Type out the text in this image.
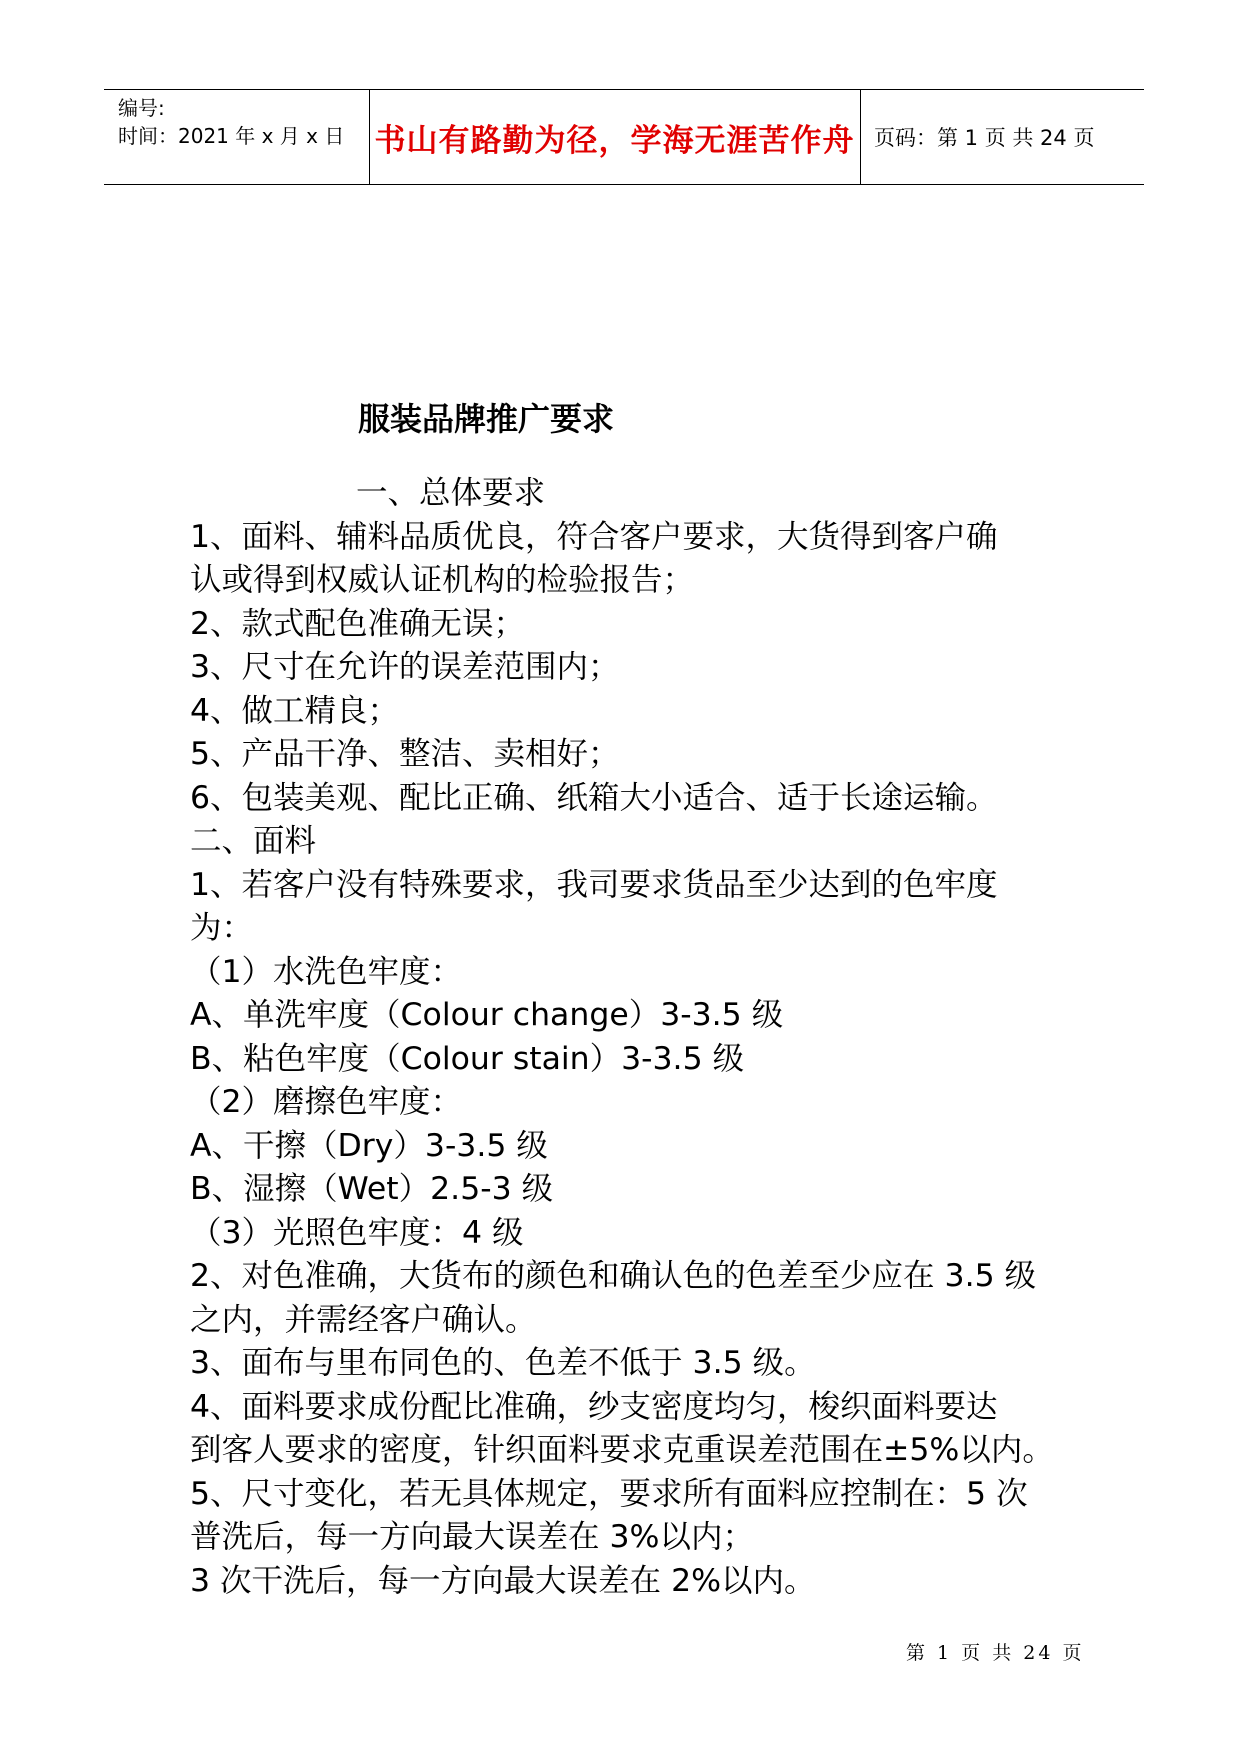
编号:
时间：2021 年 x 月 x 日 书山有路勤为径，学海无涯苦作舟 页码：第 1 页 共 24 页
服装品牌推广要求

一、总体要求

1、面料、辅料品质优良，符合客户要求，大货得到客户确

认或得到权威认证机构的检验报告；

2、款式配色准确无误；

3、尺寸在允许的误差范围内；

4、做工精良；

5、产品干净、整洁、卖相好；

6、包装美观、配比正确、纸箱大小适合、适于长途运输。

二、面料

1、若客户没有特殊要求，我司要求货品至少达到的色牢度

为：

（1）水洗色牢度：

A、单洗牢度（Colour change）3-3.5 级

B、粘色牢度（Colour stain）3-3.5 级

（2）磨擦色牢度：

A、干擦（Dry）3-3.5 级

B、湿擦（Wet）2.5-3 级

（3）光照色牢度：4 级

2、对色准确，大货布的颜色和确认色的色差至少应在 3.5 级

之内，并需经客户确认。

3、面布与里布同色的、色差不低于 3.5 级。

4、面料要求成份配比准确，纱支密度均匀，梭织面料要达

到客人要求的密度，针织面料要求克重误差范围在±5%以内。

5、尺寸变化，若无具体规定，要求所有面料应控制在：5 次

普洗后，每一方向最大误差在 3%以内；

3 次干洗后，每一方向最大误差在 2%以内。

第 1 页 共 24 页
